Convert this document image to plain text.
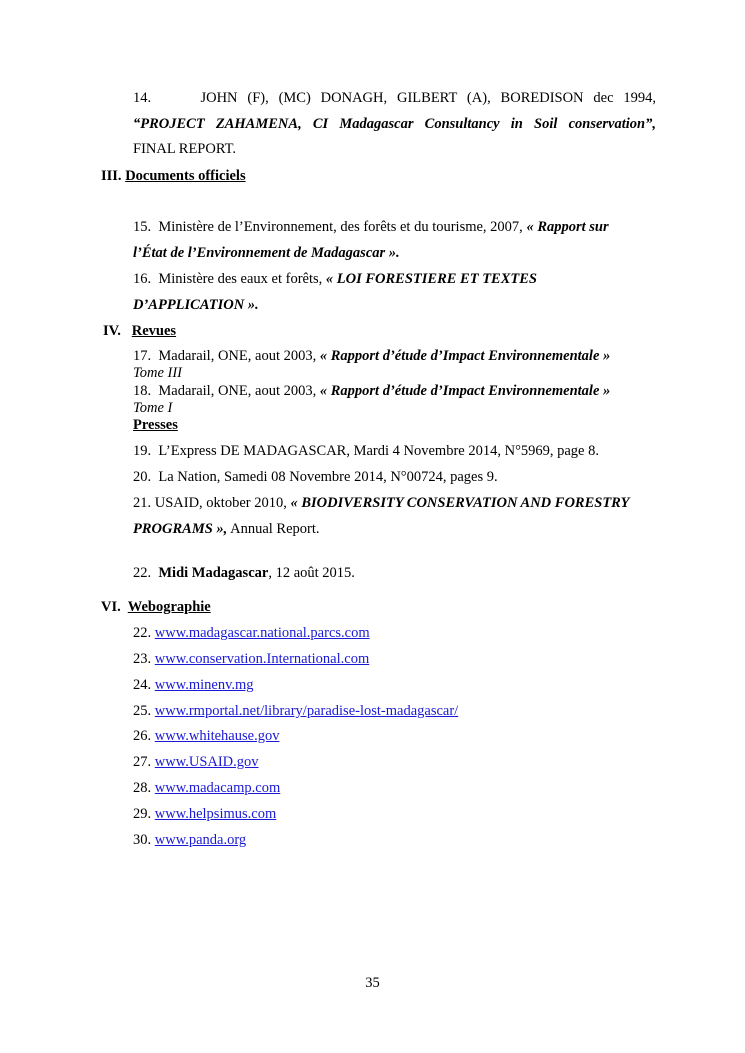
14.	JOHN (F), (MC) DONAGH, GILBERT (A), BOREDISON dec 1994,
“PROJECT ZAHAMENA, CI Madagascar Consultancy in Soil conservation”,
FINAL REPORT.
III. Documents officiels
15. Ministère de l’Environnement, des forêts et du tourisme, 2007, « Rapport sur
l’État de l’Environnement de Madagascar ».
16. Ministère des eaux et forêts, « LOI FORESTIERE ET TEXTES
D’APPLICATION ».
IV. Revues
17. Madarail, ONE, aout 2003, « Rapport d’étude d’Impact Environnementale »
Tome III
18. Madarail, ONE, aout 2003, « Rapport d’étude d’Impact Environnementale »
Tome I
Presses
19. L’Express DE MADAGASCAR, Mardi 4 Novembre 2014, N°5969, page 8.
20. La Nation, Samedi 08 Novembre 2014, N°00724, pages 9.
21. USAID, oktober 2010, « BIODIVERSITY CONSERVATION AND FORESTRY
PROGRAMS », Annual Report.
22. Midi Madagascar, 12 août 2015.
VI. Webographie
22. www.madagascar.national.parcs.com
23. www.conservation.International.com
24. www.minenv.mg
25. www.rmportal.net/library/paradise-lost-madagascar/
26. www.whitehause.gov
27. www.USAID.gov
28. www.madacamp.com
29. www.helpsimus.com
30. www.panda.org
35
